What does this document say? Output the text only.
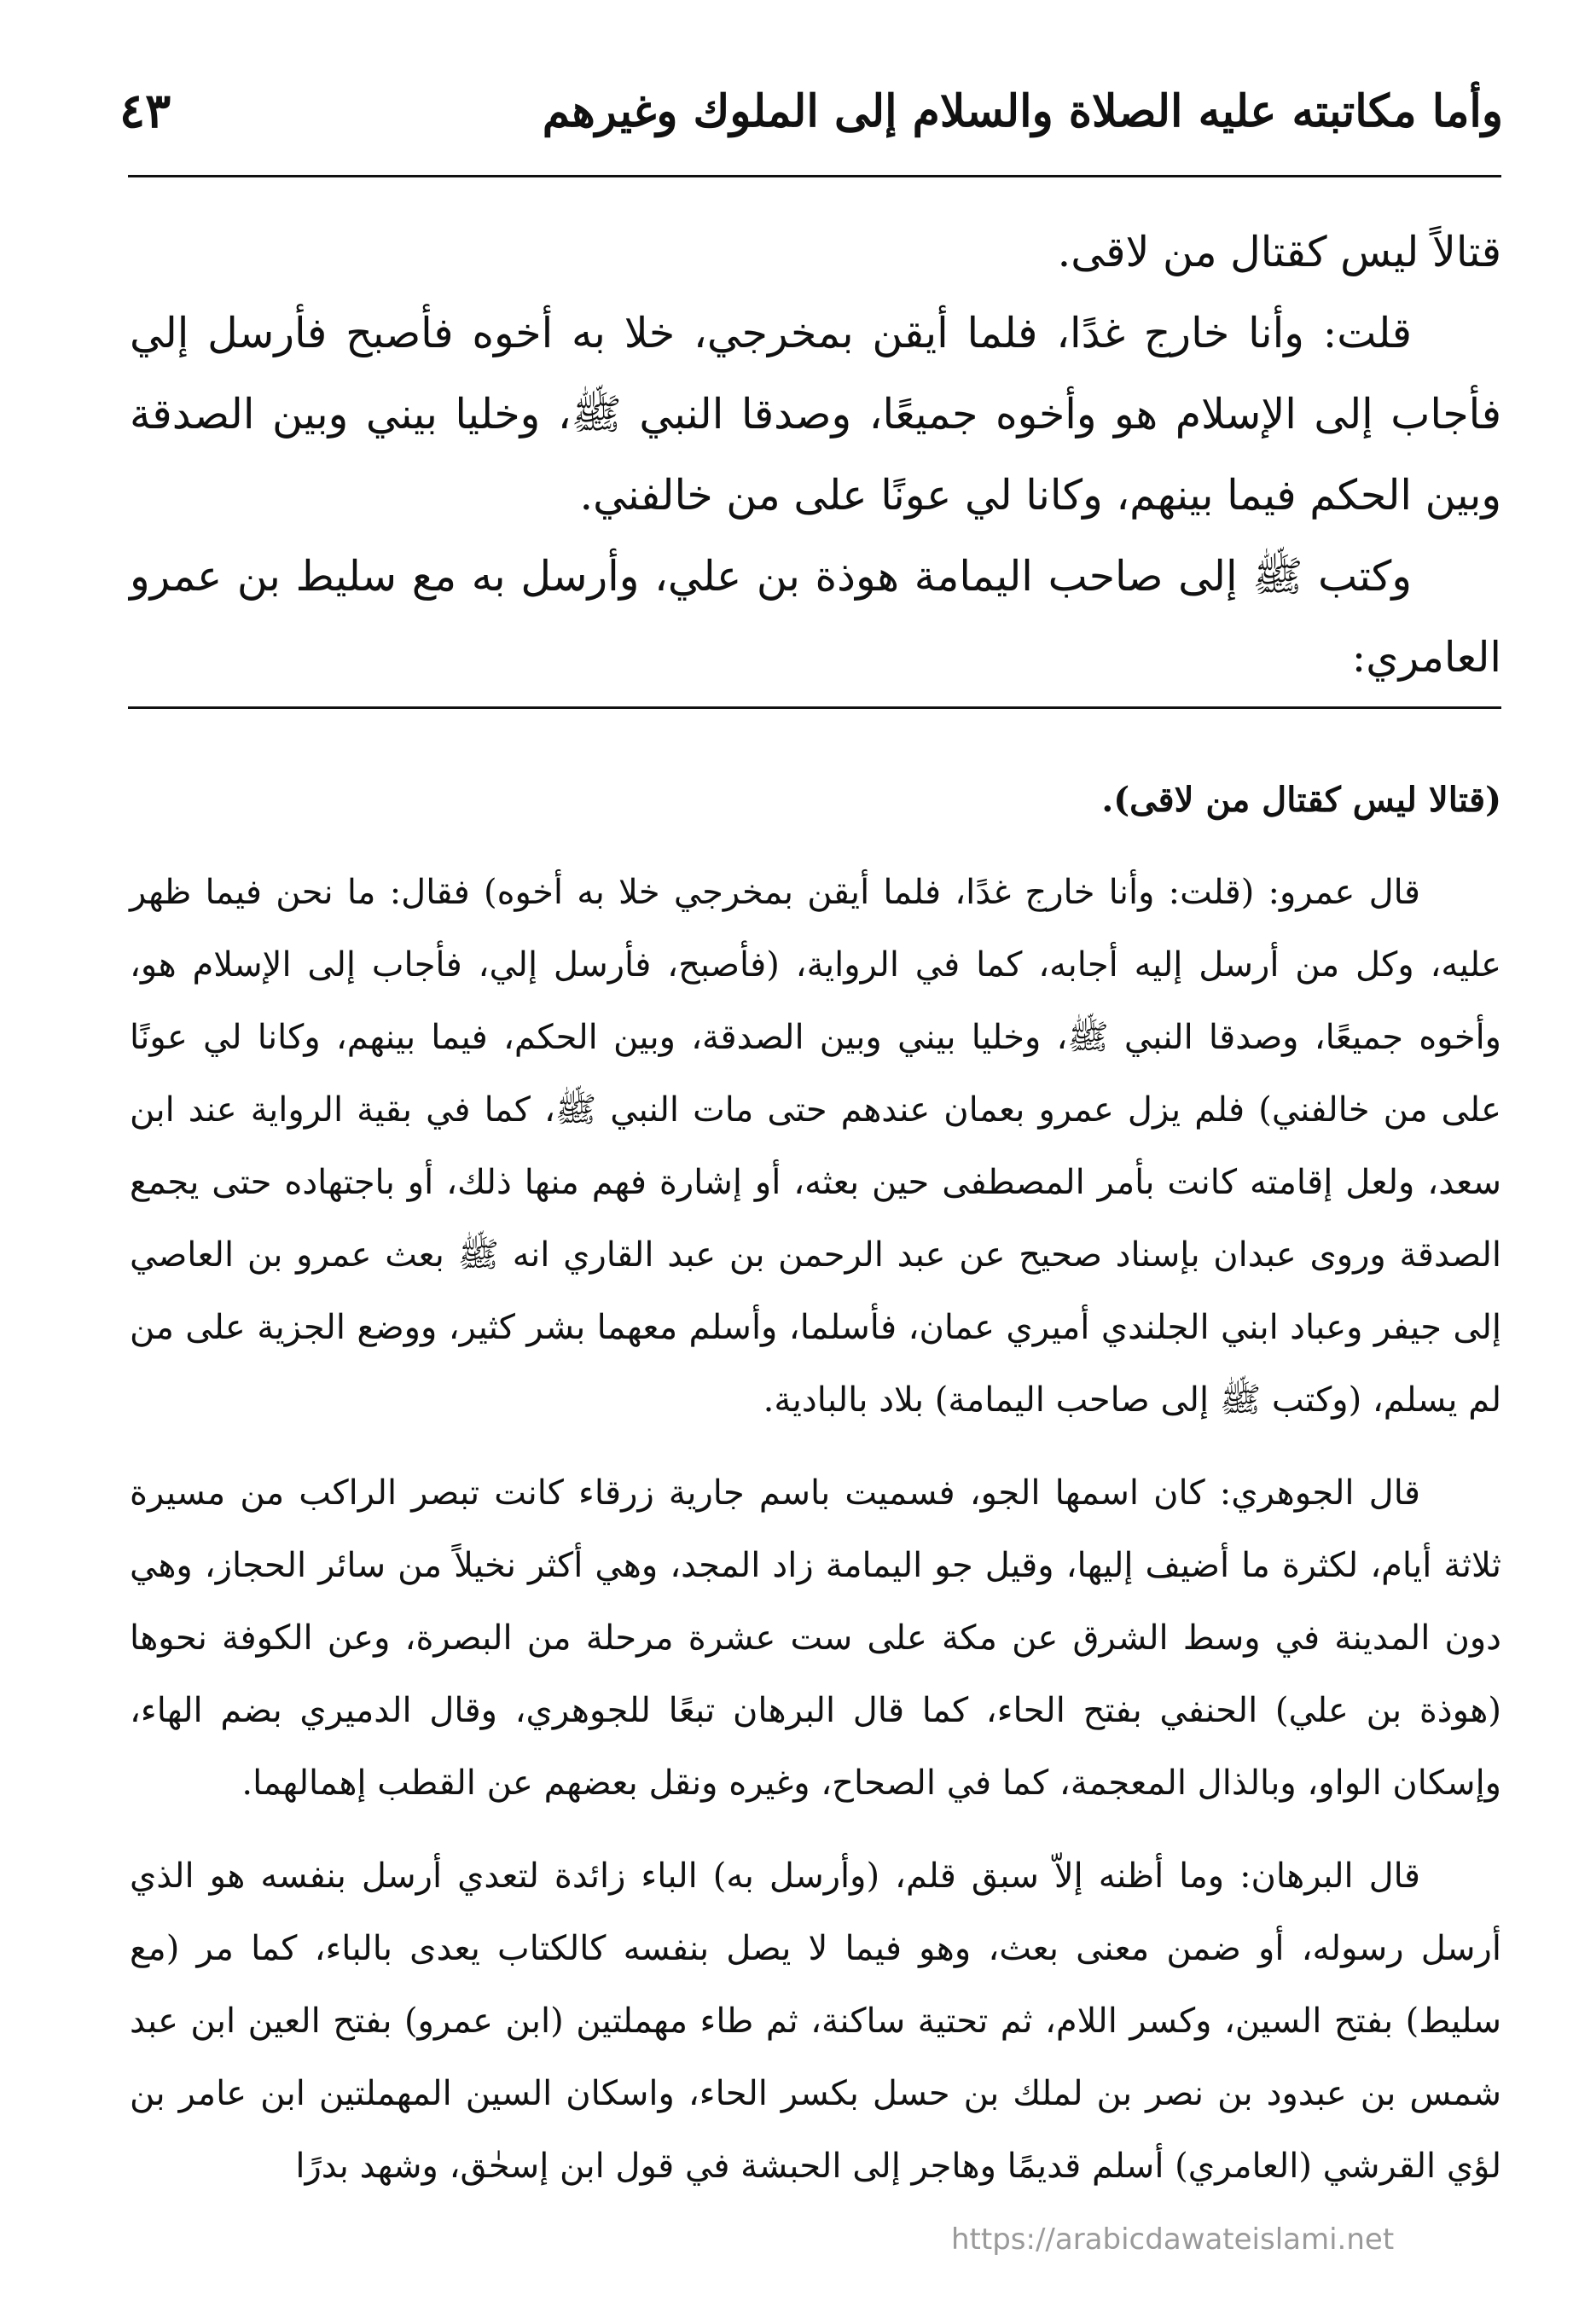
وأما مكاتبته عليه الصلاة والسلام إلى الملوك وغيرهم
٤٣

قتالاً ليس كقتال من لاقى.

قلت: وأنا خارج غدًا، فلما أيقن بمخرجي، خلا به أخوه فأصبح فأرسل إلي فأجاب إلى الإسلام هو وأخوه جميعًا، وصدقا النبي ﷺ، وخليا بيني وبين الصدقة وبين الحكم فيما بينهم، وكانا لي عونًا على من خالفني.

وكتب ﷺ إلى صاحب اليمامة هوذة بن علي، وأرسل به مع سليط بن عمرو العامري:

(قتالا ليس كقتال من لاقى).

قال عمرو: (قلت: وأنا خارج غدًا، فلما أيقن بمخرجي خلا به أخوه) فقال: ما نحن فيما ظهر عليه، وكل من أرسل إليه أجابه، كما في الرواية، (فأصبح، فأرسل إلي، فأجاب إلى الإسلام هو، وأخوه جميعًا، وصدقا النبي ﷺ، وخليا بيني وبين الصدقة، وبين الحكم، فيما بينهم، وكانا لي عونًا على من خالفني) فلم يزل عمرو بعمان عندهم حتى مات النبي ﷺ، كما في بقية الرواية عند ابن سعد، ولعل إقامته كانت بأمر المصطفى حين بعثه، أو إشارة فهم منها ذلك، أو باجتهاده حتى يجمع الصدقة وروى عبدان بإسناد صحيح عن عبد الرحمن بن عبد القاري انه ﷺ بعث عمرو بن العاصي إلى جيفر وعباد ابني الجلندي أميري عمان، فأسلما، وأسلم معهما بشر كثير، ووضع الجزية على من لم يسلم، (وكتب ﷺ إلى صاحب اليمامة) بلاد بالبادية.

قال الجوهري: كان اسمها الجو، فسميت باسم جارية زرقاء كانت تبصر الراكب من مسيرة ثلاثة أيام، لكثرة ما أضيف إليها، وقيل جو اليمامة زاد المجد، وهي أكثر نخيلاً من سائر الحجاز، وهي دون المدينة في وسط الشرق عن مكة على ست عشرة مرحلة من البصرة، وعن الكوفة نحوها (هوذة بن علي) الحنفي بفتح الحاء، كما قال البرهان تبعًا للجوهري، وقال الدميري بضم الهاء، وإسكان الواو، وبالذال المعجمة، كما في الصحاح، وغيره ونقل بعضهم عن القطب إهمالهما.

قال البرهان: وما أظنه إلاّ سبق قلم، (وأرسل به) الباء زائدة لتعدي أرسل بنفسه هو الذي أرسل رسوله، أو ضمن معنى بعث، وهو فيما لا يصل بنفسه كالكتاب يعدى بالباء، كما مر (مع سليط) بفتح السين، وكسر اللام، ثم تحتية ساكنة، ثم طاء مهملتين (ابن عمرو) بفتح العين ابن عبد شمس بن عبدود بن نصر بن لملك بن حسل بكسر الحاء، واسكان السين المهملتين ابن عامر بن لؤي القرشي (العامري) أسلم قديمًا وهاجر إلى الحبشة في قول ابن إسحٰق، وشهد بدرًا

https://arabicdawateislami.net
